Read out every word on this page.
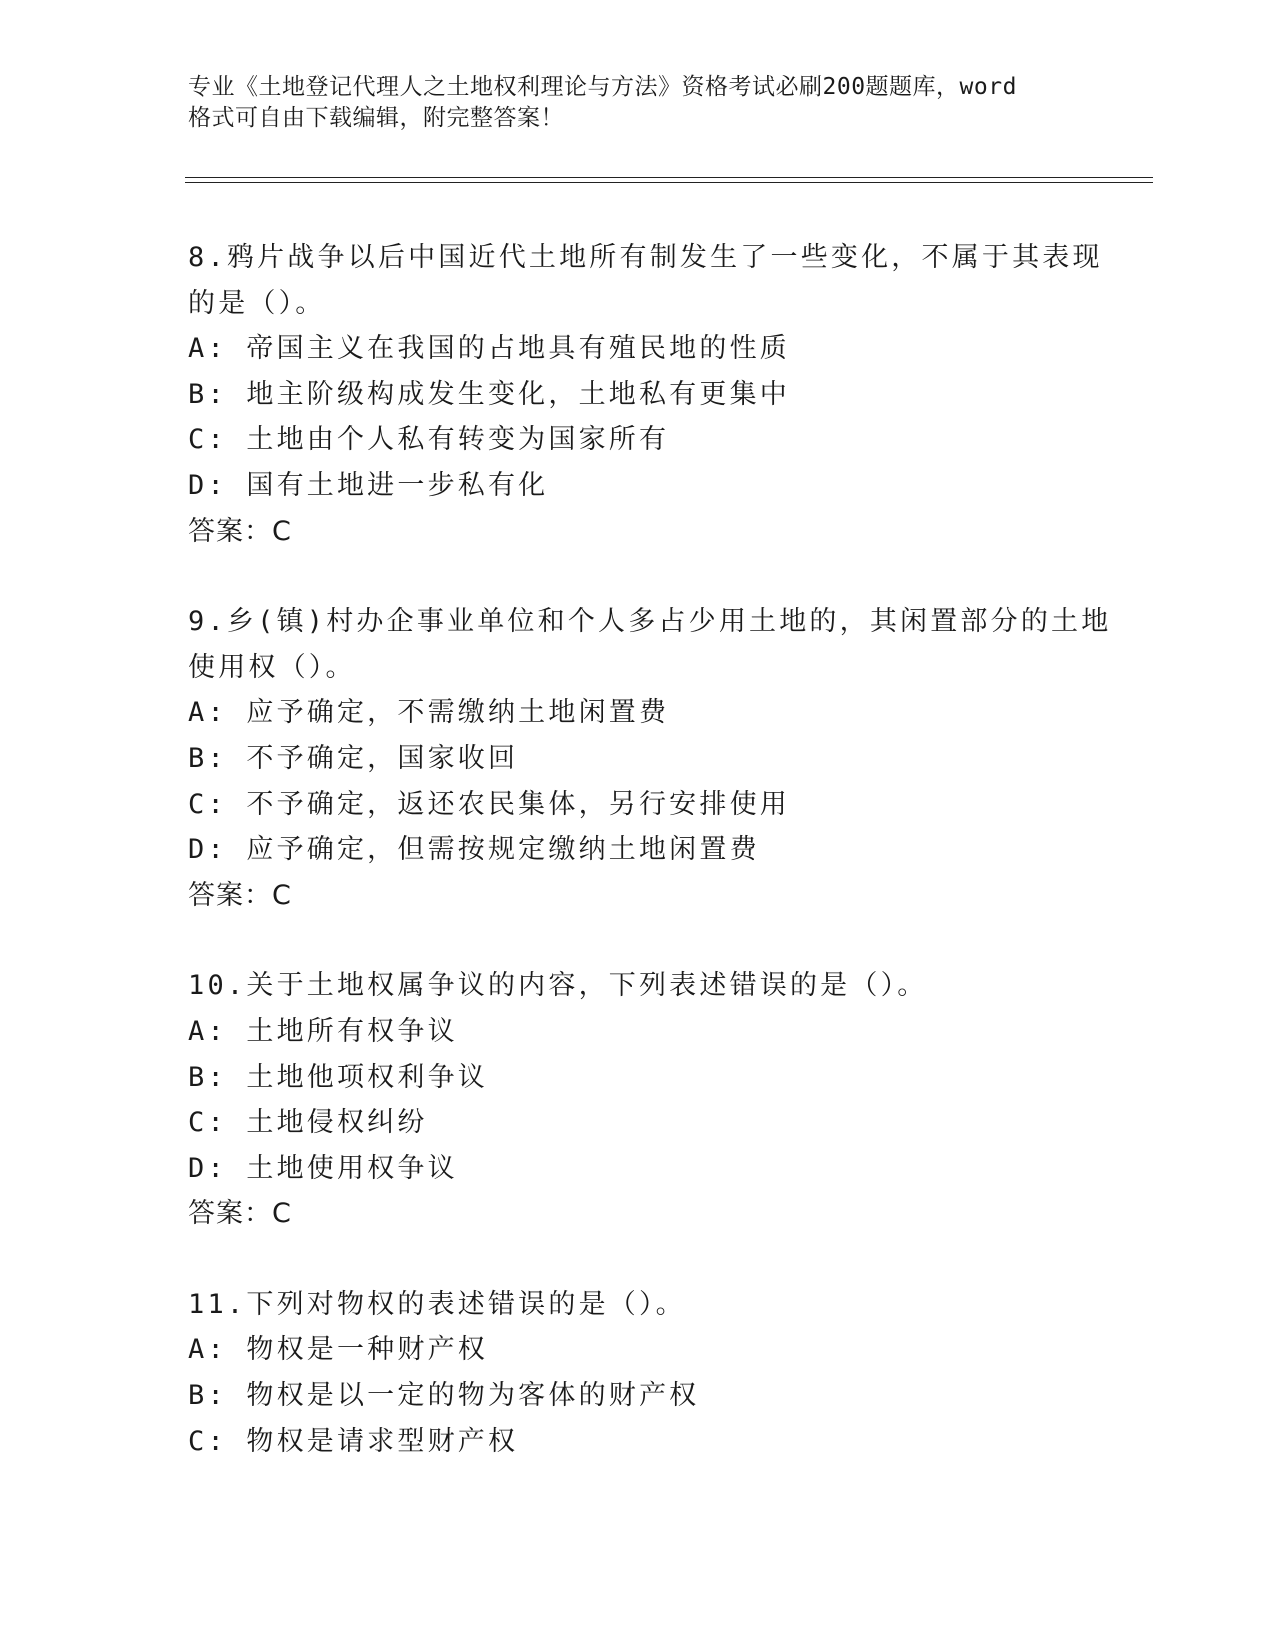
专业《土地登记代理人之土地权利理论与方法》资格考试必刷200题题库，word
格式可自由下载编辑，附完整答案！
8.鸦片战争以后中国近代土地所有制发生了一些变化，不属于其表现
的是（）。
A: 帝国主义在我国的占地具有殖民地的性质
B: 地主阶级构成发生变化，土地私有更集中
C: 土地由个人私有转变为国家所有
D: 国有土地进一步私有化
答案：C
9.乡(镇)村办企事业单位和个人多占少用土地的，其闲置部分的土地
使用权（）。
A: 应予确定，不需缴纳土地闲置费
B: 不予确定，国家收回
C: 不予确定，返还农民集体，另行安排使用
D: 应予确定，但需按规定缴纳土地闲置费
答案：C
10.关于土地权属争议的内容，下列表述错误的是（）。
A: 土地所有权争议
B: 土地他项权利争议
C: 土地侵权纠纷
D: 土地使用权争议
答案：C
11.下列对物权的表述错误的是（）。
A: 物权是一种财产权
B: 物权是以一定的物为客体的财产权
C: 物权是请求型财产权
